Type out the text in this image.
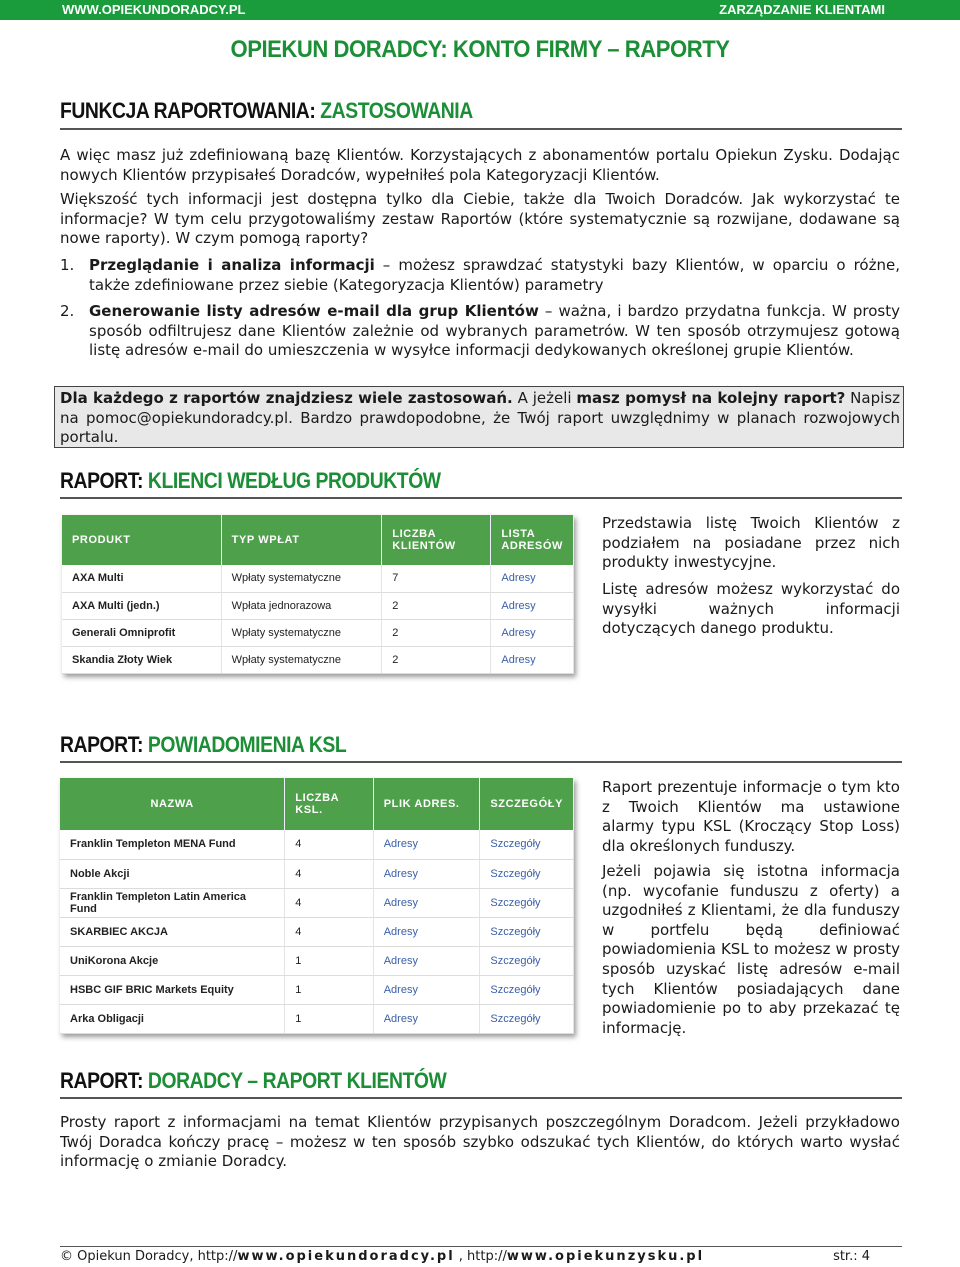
WWW.OPIEKUNDORADCY.PL	ZARZĄDZANIE KLIENTAMI
OPIEKUN DORADCY: KONTO FIRMY – RAPORTY
FUNKCJA RAPORTOWANIA: ZASTOSOWANIA
A więc masz już zdefiniowaną bazę Klientów. Korzystających z abonamentów portalu Opiekun Zysku. Dodając nowych Klientów przypisałeś Doradców, wypełniłeś pola Kategoryzacji Klientów.
Większość tych informacji jest dostępna tylko dla Ciebie, także dla Twoich Doradców. Jak wykorzystać te informacje? W tym celu przygotowaliśmy zestaw Raportów (które systematycznie są rozwijane, dodawane są nowe raporty). W czym pomogą raporty?
1. Przeglądanie i analiza informacji – możesz sprawdzać statystyki bazy Klientów, w oparciu o różne, także zdefiniowane przez siebie (Kategoryzacja Klientów) parametry
2. Generowanie listy adresów e-mail dla grup Klientów – ważna, i bardzo przydatna funkcja. W prosty sposób odfiltrujesz dane Klientów zależnie od wybranych parametrów. W ten sposób otrzymujesz gotową listę adresów e-mail do umieszczenia w wysyłce informacji dedykowanych określonej grupie Klientów.
Dla każdego z raportów znajdziesz wiele zastosowań. A jeżeli masz pomysł na kolejny raport? Napisz na pomoc@opiekundoradcy.pl. Bardzo prawdopodobne, że Twój raport uwzględnimy w planach rozwojowych portalu.
RAPORT: KLIENCI WEDŁUG PRODUKTÓW
PRODUKT	TYP WPŁAT	LICZBA KLIENTÓW	LISTA ADRESÓW
AXA Multi	Wpłaty systematyczne	7	Adresy
AXA Multi (jedn.)	Wpłata jednorazowa	2	Adresy
Generali Omniprofit	Wpłaty systematyczne	2	Adresy
Skandia Złoty Wiek	Wpłaty systematyczne	2	Adresy
Przedstawia listę Twoich Klientów z podziałem na posiadane przez nich produkty inwestycyjne.
Listę adresów możesz wykorzystać do wysyłki ważnych informacji dotyczących danego produktu.
RAPORT: POWIADOMIENIA KSL
NAZWA	LICZBA KSL.	PLIK ADRES.	SZCZEGÓŁY
Franklin Templeton MENA Fund	4	Adresy	Szczegóły
Noble Akcji	4	Adresy	Szczegóły
Franklin Templeton Latin America Fund	4	Adresy	Szczegóły
SKARBIEC AKCJA	4	Adresy	Szczegóły
UniKorona Akcje	1	Adresy	Szczegóły
HSBC GIF BRIC Markets Equity	1	Adresy	Szczegóły
Arka Obligacji	1	Adresy	Szczegóły
Raport prezentuje informacje o tym kto z Twoich Klientów ma ustawione alarmy typu KSL (Kroczący Stop Loss) dla określonych funduszy.
Jeżeli pojawia się istotna informacja (np. wycofanie funduszu z oferty) a uzgodniłeś z Klientami, że dla funduszy w portfelu będą definiować powiadomienia KSL to możesz w prosty sposób uzyskać listę adresów e-mail tych Klientów posiadających dane powiadomienie po to aby przekazać tę informację.
RAPORT: DORADCY – RAPORT KLIENTÓW
Prosty raport z informacjami na temat Klientów przypisanych poszczególnym Doradcom. Jeżeli przykładowo Twój Doradca kończy pracę – możesz w ten sposób szybko odszukać tych Klientów, do których warto wysłać informację o zmianie Doradcy.
© Opiekun Doradcy, http://www.opiekundoradcy.pl , http://www.opiekunzysku.pl	str.: 4
